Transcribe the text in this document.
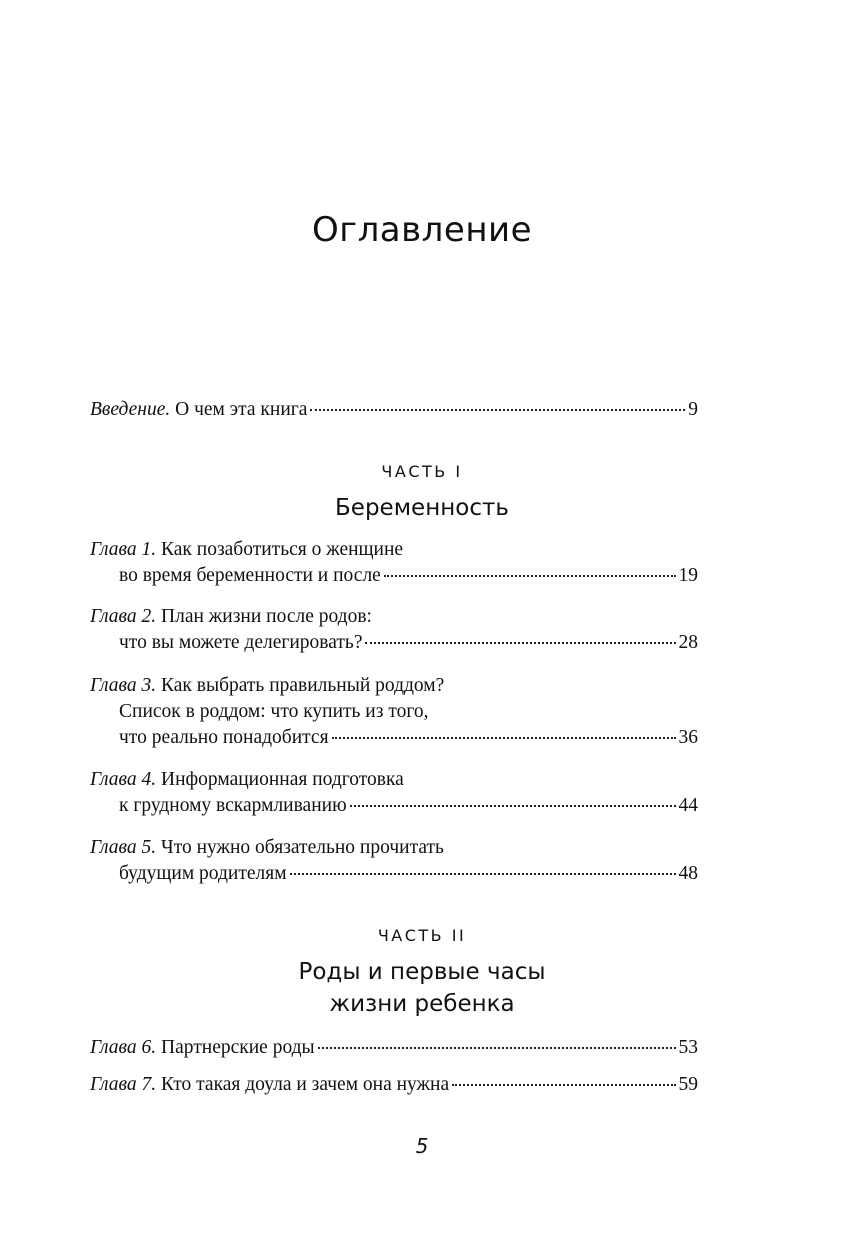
Оглавление
Введение. О чем эта книга	9
ЧАСТЬ I
Беременность
Глава 1.
Как позаботиться о женщине
во время беременности и после	19
Глава 2.
План жизни после родов:
что вы можете делегировать?	28
Глава 3.
Как выбрать правильный роддом?
Список в роддом: что купить из того,
что реально понадобится	36
Глава 4.
Информационная подготовка
к грудному вскармливанию	44
Глава 5.
Что нужно обязательно прочитать
будущим родителям	48
ЧАСТЬ II
Роды и первые часы
жизни ребенка
Глава 6.
Партнерские роды	53
Глава 7.
Кто такая доула и зачем она нужна	59
5
